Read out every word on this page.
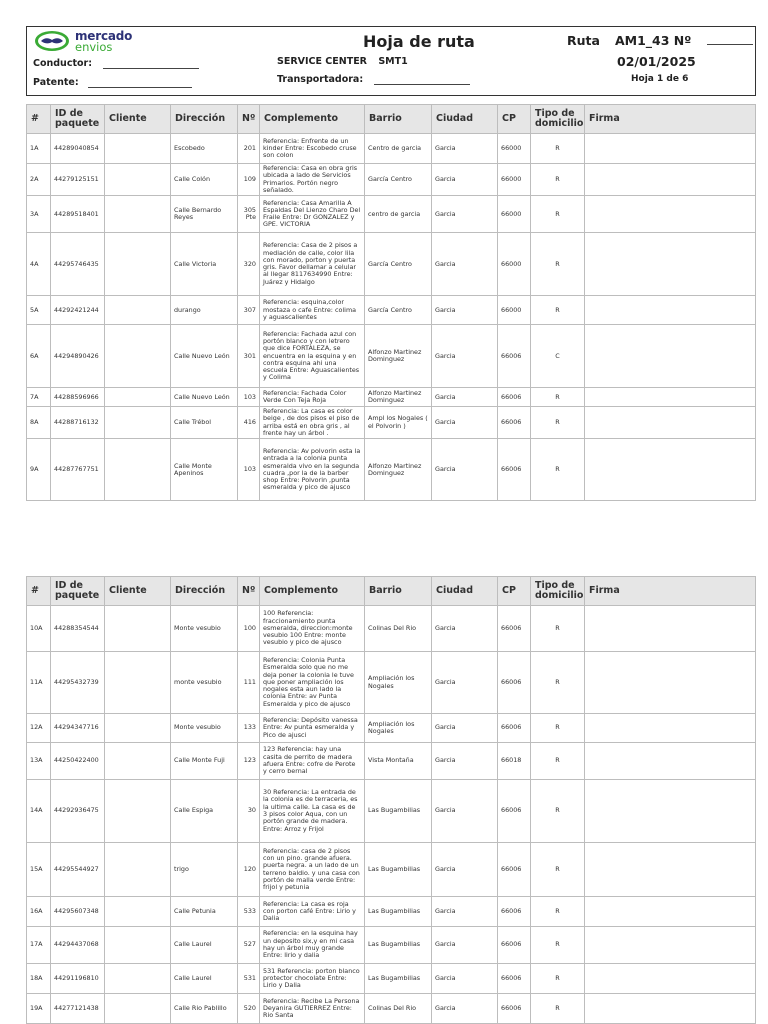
mercado
envios
Conductor:
Patente:
Hoja de ruta
SERVICE CENTER SMT1
Transportadora:
Ruta AM1_43 Nº
02/01/2025
Hoja 1 de 6
#	ID de paquete	Cliente	Dirección	Nº	Complemento	Barrio	Ciudad	CP	Tipo de domicilio	Firma
1A	44289040854		Escobedo	201	Referencia: Enfrente de un kinder Entre: Escobedo cruse son colon	Centro de garcia	Garcia	66000	R	
2A	44279125151		Calle Colón	109	Referencia: Casa en obra gris ubicada a lado de Servicios Primarios. Portón negro señalado.	García Centro	Garcia	66000	R	
3A	44289518401		Calle Bernardo Reyes	305 Pte	Referencia: Casa Amarilla A Espaldas Del Lienzo Charo Del Fraile Entre: Dr GONZALEZ y GPE. VICTORIA	centro de garcia	Garcia	66000	R	
4A	44295746435		Calle Victoria	320	Referencia: Casa de 2 pisos a mediación de calle, color lila con morado, porton y puerta gris. Favor dellamar a celular al llegar 8117634990 Entre: Juárez y Hidalgo	García Centro	Garcia	66000	R	
5A	44292421244		durango	307	Referencia: esquina,color mostaza o cafe Entre: colima y aguascalientes	García Centro	Garcia	66000	R	
6A	44294890426		Calle Nuevo León	301	Referencia: Fachada azul con portón blanco y con letrero que dice FORTALEZA, se encuentra en la esquina y en contra esquina ahi una escuela Entre: Aguascalientes y Colima	Alfonzo Martinez Dominguez	Garcia	66006	C	
7A	44288596966		Calle Nuevo León	103	Referencia: Fachada Color Verde Con Teja Roja	Alfonzo Martinez Dominguez	Garcia	66006	R	
8A	44288716132		Calle Trébol	416	Referencia: La casa es color beige , de dos pisos el piso de arriba está en obra gris , al frente hay un árbol .	Ampl los Nogales ( el Polvorin )	Garcia	66006	R	
9A	44287767751		Calle Monte Apeninos	103	Referencia: Av polvorin esta la entrada a la colonia punta esmeralda vivo en la segunda cuadra ,por la de la barber shop Entre: Polvorin ,punta esmeralda y pico de ajusco	Alfonzo Martinez Dominguez	Garcia	66006	R	
#	ID de paquete	Cliente	Dirección	Nº	Complemento	Barrio	Ciudad	CP	Tipo de domicilio	Firma
10A	44288354544		Monte vesubio	100	100 Referencia: fraccionamiento punta esmeralda, direccion:monte vesubio 100 Entre: monte vesubio y pico de ajusco	Colinas Del Rio	Garcia	66006	R	
11A	44295432739		monte vesubio	111	Referencia: Colonia Punta Esmeralda solo que no me deja poner la colonia le tuve que poner ampliación los nogales esta aun lado la colonia Entre: av Punta Esmeralda y pico de ajusco	Ampliación los Nogales	Garcia	66006	R	
12A	44294347716		Monte vesubio	133	Referencia: Depósito vanessa Entre: Av punta esmeralda y Pico de ajusci	Ampliación los Nogales	Garcia	66006	R	
13A	44250422400		Calle Monte Fuji	123	123 Referencia: hay una casita de perrito de madera afuera Entre: cofre de Perote y cerro bernal	Vista Montaña	Garcia	66018	R	
14A	44292936475		Calle Espiga	30	30 Referencia: La entrada de la colonia es de terraceria, es la ultima calle. La casa es de 3 pisos color Aqua, con un portón grande de madera. Entre: Arroz y Frijol	Las Bugambilias	Garcia	66006	R	
15A	44295544927		trigo	120	Referencia: casa de 2 pisos con un pino. grande afuera. puerta negra. a un lado de un terreno baldio. y una casa con portón de malla verde Entre: frijol y petunia	Las Bugambilias	Garcia	66006	R	
16A	44295607348		Calle Petunia	533	Referencia: La casa es roja con porton café Entre: Lirio y Dalia	Las Bugambilias	Garcia	66006	R	
17A	44294437068		Calle Laurel	527	Referencia: en la esquina hay un deposito six,y en mi casa hay un árbol muy grande Entre: lirio y dalia	Las Bugambilias	Garcia	66006	R	
18A	44291196810		Calle Laurel	531	531 Referencia: porton blanco protector chocolate Entre: Lirio y Dalia	Las Bugambilias	Garcia	66006	R	
19A	44277121438		Calle Rio Pablillo	520	Referencia: Recibe La Persona Deyanira GUTIERREZ Entre: Rio Santa	Colinas Del Rio	Garcia	66006	R	
